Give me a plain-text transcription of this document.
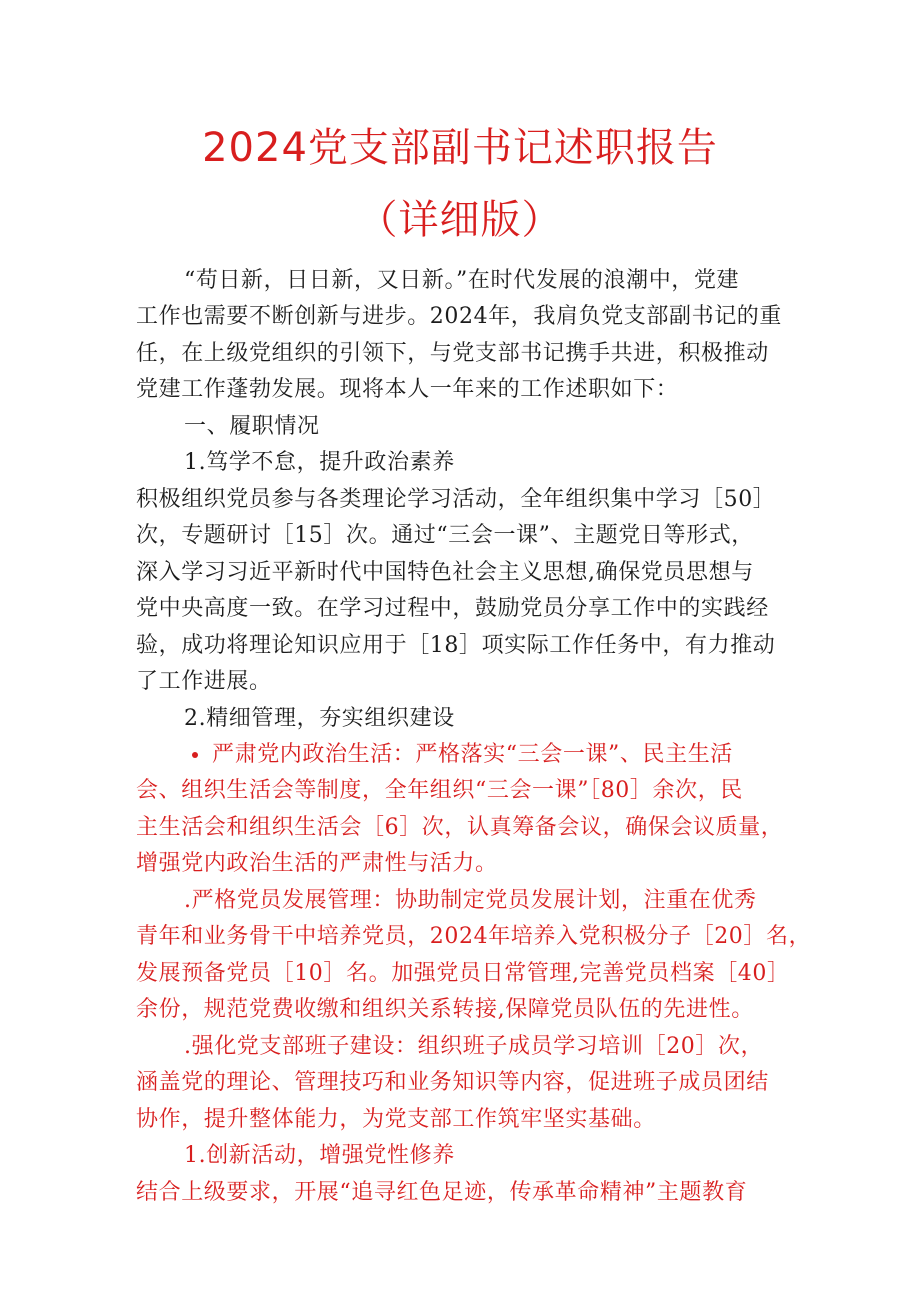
2024党支部副书记述职报告
（详细版）
“苟日新，日日新，又日新。”在时代发展的浪潮中，党建
工作也需要不断创新与进步。2024年，我肩负党支部副书记的重
任，在上级党组织的引领下，与党支部书记携手共进，积极推动
党建工作蓬勃发展。现将本人一年来的工作述职如下：
一、履职情况
1.笃学不怠，提升政治素养
积极组织党员参与各类理论学习活动，全年组织集中学习［50］
次，专题研讨［15］次。通过“三会一课”、主题党日等形式，
深入学习习近平新时代中国特色社会主义思想,确保党员思想与
党中央高度一致。在学习过程中，鼓励党员分享工作中的实践经
验，成功将理论知识应用于［18］项实际工作任务中，有力推动
了工作进展。
2.精细管理，夯实组织建设
严肃党内政治生活：严格落实“三会一课”、民主生活
会、组织生活会等制度，全年组织“三会一课”［80］余次，民
主生活会和组织生活会［6］次，认真筹备会议，确保会议质量，
增强党内政治生活的严肃性与活力。
.严格党员发展管理：协助制定党员发展计划，注重在优秀
青年和业务骨干中培养党员，2024年培养入党积极分子［20］名，
发展预备党员［10］名。加强党员日常管理,完善党员档案［40］
余份，规范党费收缴和组织关系转接,保障党员队伍的先进性。
.强化党支部班子建设：组织班子成员学习培训［20］次，
涵盖党的理论、管理技巧和业务知识等内容，促进班子成员团结
协作，提升整体能力，为党支部工作筑牢坚实基础。
1.创新活动，增强党性修养
结合上级要求，开展“追寻红色足迹，传承革命精神”主题教育
